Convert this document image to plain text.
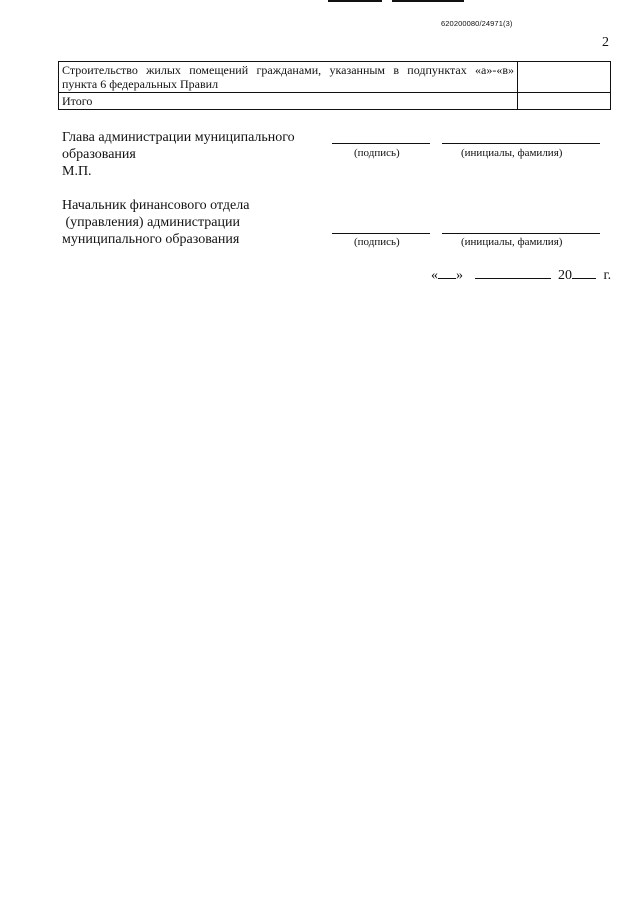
620200080/24971(3)
2
Строительство жилых помещений гражданами, указанным в подпунктах «а»-«в» пункта 6 федеральных Правил	
Итого	
Глава администрации муниципального
образования
М.П.
(подпись)	(инициалы, фамилия)
Начальник финансового отдела
(управления) администрации
муниципального образования	(подпись)	(инициалы, фамилия)
« »	20 г.
